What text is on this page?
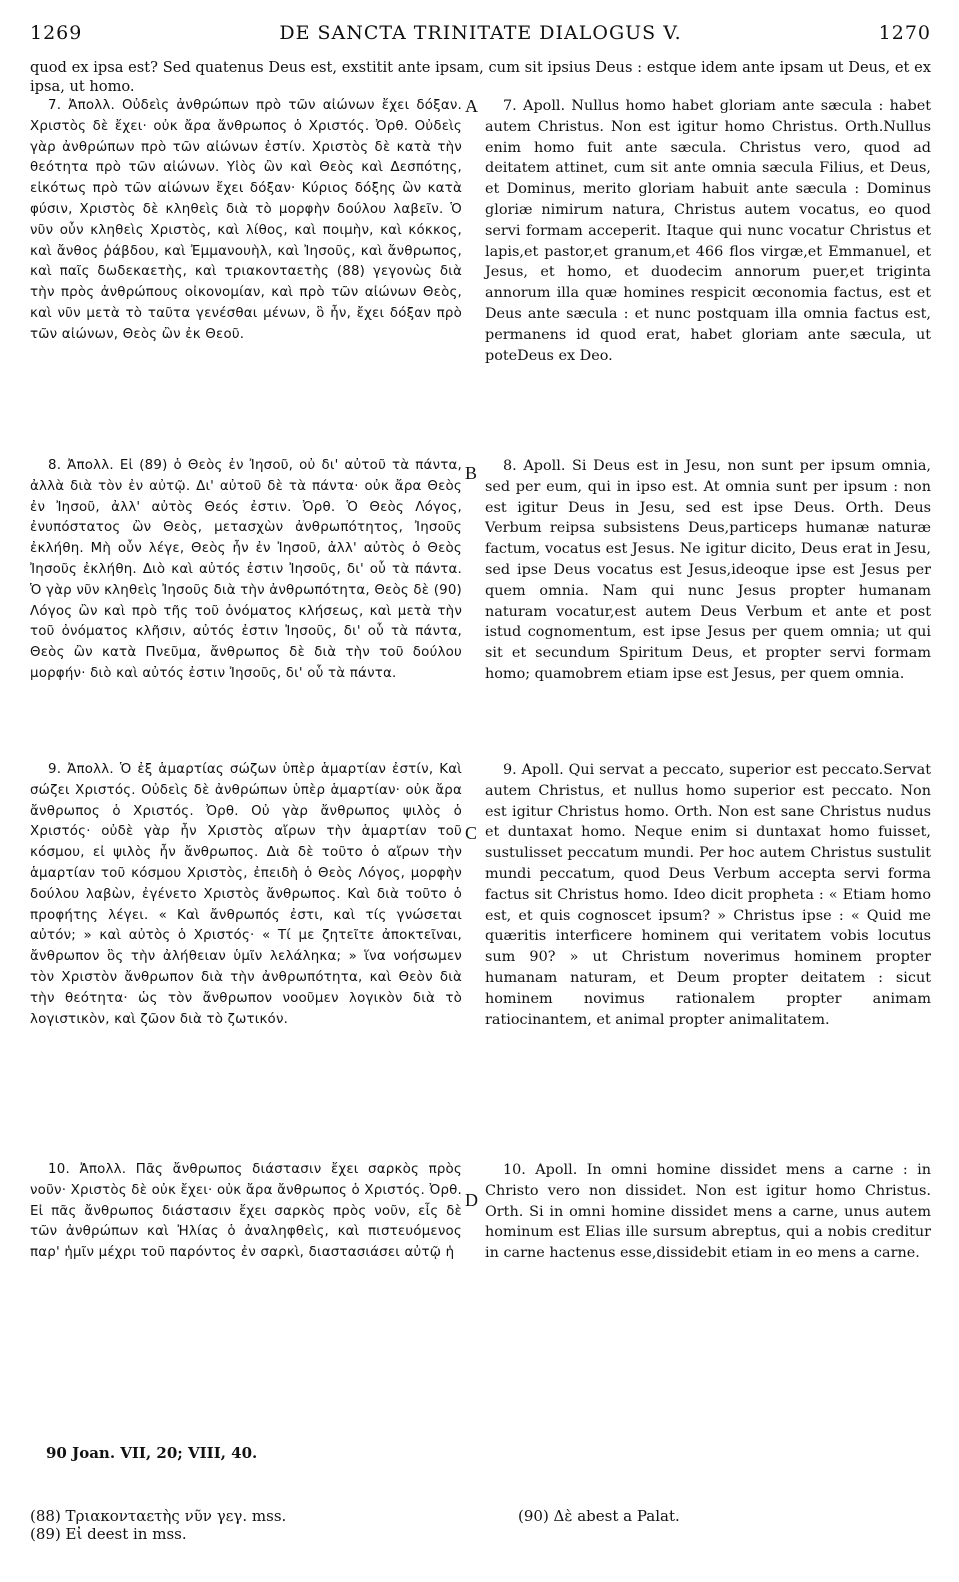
1269	DE SANCTA TRINITATE DIALOGUS V.	1270
quod ex ipsa est? Sed quatenus Deus est, exstitit ante ipsam, cum sit ipsius Deus : estque idem ante ipsam ut Deus, et ex ipsa, ut homo.

7. Ἀπολλ. Οὐδεὶς ἀνθρώπων πρὸ τῶν αἰώνων ἔχει δόξαν. Χριστὸς δὲ ἔχει· οὐκ ἄρα ἄνθρωπος ὁ Χριστός. Ὀρθ. Οὐδεὶς γὰρ ἀνθρώπων πρὸ τῶν αἰώνων ἐστίν. Χριστὸς δὲ κατὰ τὴν θεότητα πρὸ τῶν αἰώνων. Υἱὸς ὢν καὶ Θεὸς καὶ Δεσπότης, εἰκότως πρὸ τῶν αἰώνων ἔχει δόξαν· Κύριος δόξης ὢν κατὰ φύσιν, Χριστὸς δὲ κληθεὶς διὰ τὸ μορφὴν δούλου λαβεῖν. Ὁ νῦν οὖν κληθεὶς Χριστὸς, καὶ λίθος, καὶ ποιμὴν, καὶ κόκκος, καὶ ἄνθος ῥάβδου, καὶ Ἐμμανουὴλ, καὶ Ἰησοῦς, καὶ ἄνθρωπος, καὶ παῖς δωδεκαετὴς, καὶ τριακονταετὴς (88) γεγονὼς διὰ τὴν πρὸς ἀνθρώπους οἰκονομίαν, καὶ πρὸ τῶν αἰώνων Θεὸς, καὶ νῦν μετὰ τὸ ταῦτα γενέσθαι μένων, ὃ ἦν, ἔχει δόξαν πρὸ τῶν αἰώνων, Θεὸς ὢν ἐκ Θεοῦ.

8. Ἀπολλ. Εἰ (89) ὁ Θεὸς ἐν Ἰησοῦ, οὐ δι' αὐτοῦ τὰ πάντα, ἀλλὰ διὰ τὸν ἐν αὐτῷ. Δι' αὐτοῦ δὲ τὰ πάντα· οὐκ ἄρα Θεὸς ἐν Ἰησοῦ, ἀλλ' αὐτὸς Θεός ἐστιν. Ὀρθ. Ὁ Θεὸς Λόγος, ἐνυπόστατος ὢν Θεὸς, μετασχὼν ἀνθρωπότητος, Ἰησοῦς ἐκλήθη. Μὴ οὖν λέγε, Θεὸς ἦν ἐν Ἰησοῦ, ἀλλ' αὐτὸς ὁ Θεὸς Ἰησοῦς ἐκλήθη. Διὸ καὶ αὐτός ἐστιν Ἰησοῦς, δι' οὗ τὰ πάντα. Ὁ γὰρ νῦν κληθεὶς Ἰησοῦς διὰ τὴν ἀνθρωπότητα, Θεὸς δὲ (90) Λόγος ὢν καὶ πρὸ τῆς τοῦ ὀνόματος κλήσεως, καὶ μετὰ τὴν τοῦ ὀνόματος κλῆσιν, αὐτός ἐστιν Ἰησοῦς, δι' οὗ τὰ πάντα, Θεὸς ὢν κατὰ Πνεῦμα, ἄνθρωπος δὲ διὰ τὴν τοῦ δούλου μορφήν· διὸ καὶ αὐτός ἐστιν Ἰησοῦς, δι' οὗ τὰ πάντα.

9. Ἀπολλ. Ὁ ἐξ ἁμαρτίας σώζων ὑπὲρ ἁμαρτίαν ἐστίν, Καὶ σώζει Χριστός. Οὐδεὶς δὲ ἀνθρώπων ὑπὲρ ἁμαρτίαν· οὐκ ἄρα ἄνθρωπος ὁ Χριστός. Ὀρθ. Οὐ γὰρ ἄνθρωπος ψιλὸς ὁ Χριστός· οὐδὲ γὰρ ἦν Χριστὸς αἴρων τὴν ἁμαρτίαν τοῦ κόσμου, εἰ ψιλὸς ἦν ἄνθρωπος. Διὰ δὲ τοῦτο ὁ αἴρων τὴν ἁμαρτίαν τοῦ κόσμου Χριστὸς, ἐπειδὴ ὁ Θεὸς Λόγος, μορφὴν δούλου λαβὼν, ἐγένετο Χριστὸς ἄνθρωπος. Καὶ διὰ τοῦτο ὁ προφήτης λέγει. « Καὶ ἄνθρωπός ἐστι, καὶ τίς γνώσεται αὐτόν; » καὶ αὐτὸς ὁ Χριστός· « Τί με ζητεῖτε ἀποκτεῖναι, ἄνθρωπον ὃς τὴν ἀλήθειαν ὑμῖν λελάληκα; » ἵνα νοήσωμεν τὸν Χριστὸν ἄνθρωπον διὰ τὴν ἀνθρωπότητα, καὶ Θεὸν διὰ τὴν θεότητα· ὡς τὸν ἄνθρωπον νοοῦμεν λογικὸν διὰ τὸ λογιστικὸν, καὶ ζῶον διὰ τὸ ζωτικόν.

10. Ἀπολλ. Πᾶς ἄνθρωπος διάστασιν ἔχει σαρκὸς πρὸς νοῦν· Χριστὸς δὲ οὐκ ἔχει· οὐκ ἄρα ἄνθρωπος ὁ Χριστός. Ὀρθ. Εἰ πᾶς ἄνθρωπος διάστασιν ἔχει σαρκὸς πρὸς νοῦν, εἷς δὲ τῶν ἀνθρώπων καὶ Ἠλίας ὁ ἀναληφθεὶς, καὶ πιστευόμενος παρ' ἡμῖν μέχρι τοῦ παρόντος ἐν σαρκὶ, διαστασιάσει αὐτῷ ἡ

A
B
C
D

7. Apoll. Nullus homo habet gloriam ante sæcula : habet autem Christus. Non est igitur homo Christus. Orth.Nullus enim homo fuit ante sæcula. Christus vero, quod ad deitatem attinet, cum sit ante omnia sæcula Filius, et Deus, et Dominus, merito gloriam habuit ante sæcula : Dominus gloriæ nimirum natura, Christus autem vocatus, eo quod servi formam acceperit. Itaque qui nunc vocatur Christus et lapis,et pastor,et granum,et 466 flos virgæ,et Emmanuel, et Jesus, et homo, et duodecim annorum puer,et triginta annorum illa quæ homines respicit œconomia factus, est et Deus ante sæcula : et nunc postquam illa omnia factus est, permanens id quod erat, habet gloriam ante sæcula, ut poteDeus ex Deo.

8. Apoll. Si Deus est in Jesu, non sunt per ipsum omnia, sed per eum, qui in ipso est. At omnia sunt per ipsum : non est igitur Deus in Jesu, sed est ipse Deus. Orth. Deus Verbum reipsa subsistens Deus,particeps humanæ naturæ factum, vocatus est Jesus. Ne igitur dicito, Deus erat in Jesu, sed ipse Deus vocatus est Jesus,ideoque ipse est Jesus per quem omnia. Nam qui nunc Jesus propter humanam naturam vocatur,est autem Deus Verbum et ante et post istud cognomentum, est ipse Jesus per quem omnia; ut qui sit et secundum Spiritum Deus, et propter servi formam homo; quamobrem etiam ipse est Jesus, per quem omnia.

9. Apoll. Qui servat a peccato, superior est peccato.Servat autem Christus, et nullus homo superior est peccato. Non est igitur Christus homo. Orth. Non est sane Christus nudus et duntaxat homo. Neque enim si duntaxat homo fuisset, sustulisset peccatum mundi. Per hoc autem Christus sustulit mundi peccatum, quod Deus Verbum accepta servi forma factus sit Christus homo. Ideo dicit propheta : « Etiam homo est, et quis cognoscet ipsum? » Christus ipse : « Quid me quæritis interficere hominem qui veritatem vobis locutus sum 90? » ut Christum noverimus hominem propter humanam naturam, et Deum propter deitatem : sicut hominem novimus rationalem propter animam ratiocinantem, et animal propter animalitatem.

10. Apoll. In omni homine dissidet mens a carne : in Christo vero non dissidet. Non est igitur homo Christus. Orth. Si in omni homine dissidet mens a carne, unus autem hominum est Elias ille sursum abreptus, qui a nobis creditur in carne hactenus esse,dissidebit etiam in eo mens a carne.

90 Joan. VII, 20; VIII, 40.
(88) Τριακονταετὴς νῦν γεγ. mss.
(89) Εἰ deest in mss.
(90) Δὲ abest a Palat.
